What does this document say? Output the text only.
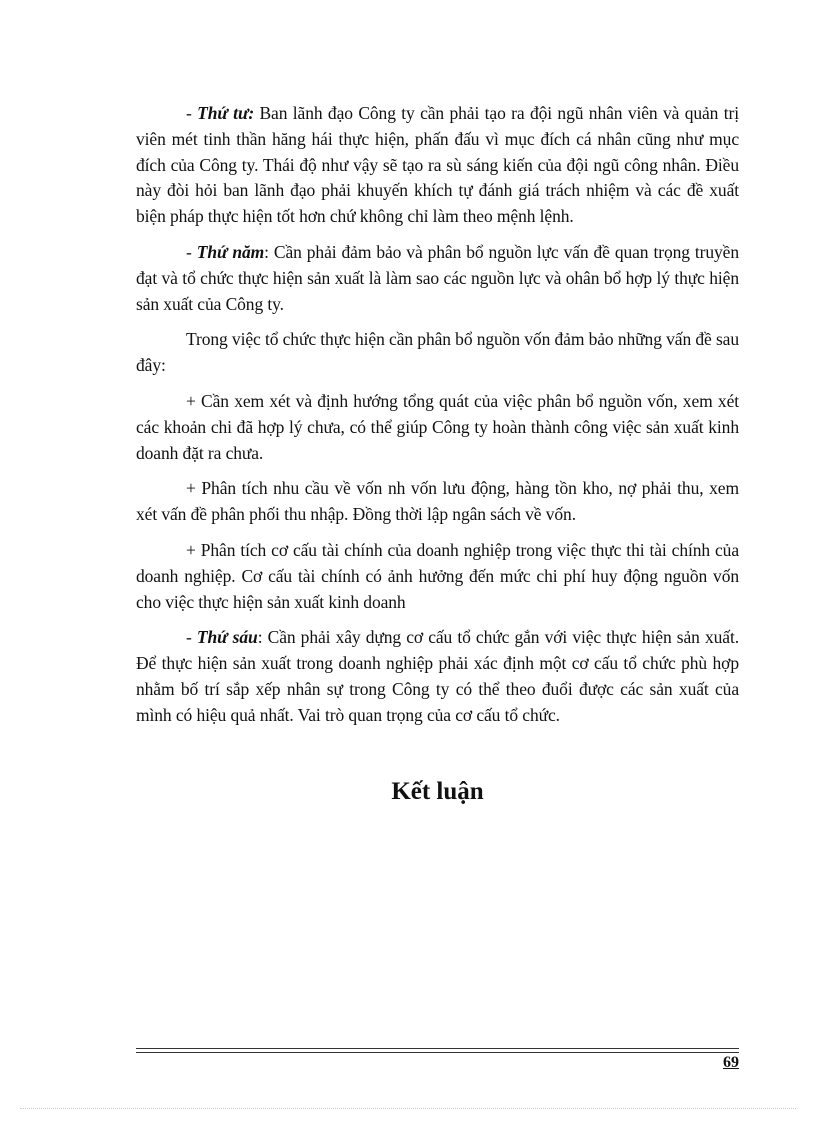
- Thứ tư: Ban lãnh đạo Công ty cần phải tạo ra đội ngũ nhân viên và quản trị viên mét tinh thần hăng hái thực hiện, phấn đấu vì mục đích cá nhân cũng như mục đích của Công ty. Thái độ như vậy sẽ tạo ra sù sáng kiến của đội ngũ công nhân. Điều này đòi hỏi ban lãnh đạo phải khuyến khích tự đánh giá trách nhiệm và các đề xuất biện pháp thực hiện tốt hơn chứ không chỉ làm theo mệnh lệnh.

- Thứ năm: Cần phải đảm bảo và phân bổ nguồn lực vấn đề quan trọng truyền đạt và tổ chức thực hiện sản xuất là làm sao các nguồn lực và ohân bổ hợp lý thực hiện sản xuất của Công ty.

Trong việc tổ chức thực hiện cần phân bổ nguồn vốn đảm bảo những vấn đề sau đây:

+ Cần xem xét và định hướng tổng quát của việc phân bổ nguồn vốn, xem xét các khoản chi đã hợp lý chưa, có thể giúp Công ty hoàn thành công việc sản xuất kinh doanh đặt ra chưa.

+ Phân tích nhu cầu về vốn nh vốn lưu động, hàng tồn kho, nợ phải thu, xem xét vấn đề phân phối thu nhập. Đồng thời lập ngân sách về vốn.

+ Phân tích cơ cấu tài chính của doanh nghiệp trong việc thực thi tài chính của doanh nghiệp. Cơ cấu tài chính có ảnh hưởng đến mức chi phí huy động nguồn vốn cho việc thực hiện sản xuất kinh doanh

- Thứ sáu: Cần phải xây dựng cơ cấu tổ chức gắn với việc thực hiện sản xuất. Để thực hiện sản xuất trong doanh nghiệp phải xác định một cơ cấu tổ chức phù hợp nhằm bố trí sắp xếp nhân sự trong Công ty có thể theo đuổi được các sản xuất của mình có hiệu quả nhất. Vai trò quan trọng của cơ cấu tổ chức.

Kết luận
69
